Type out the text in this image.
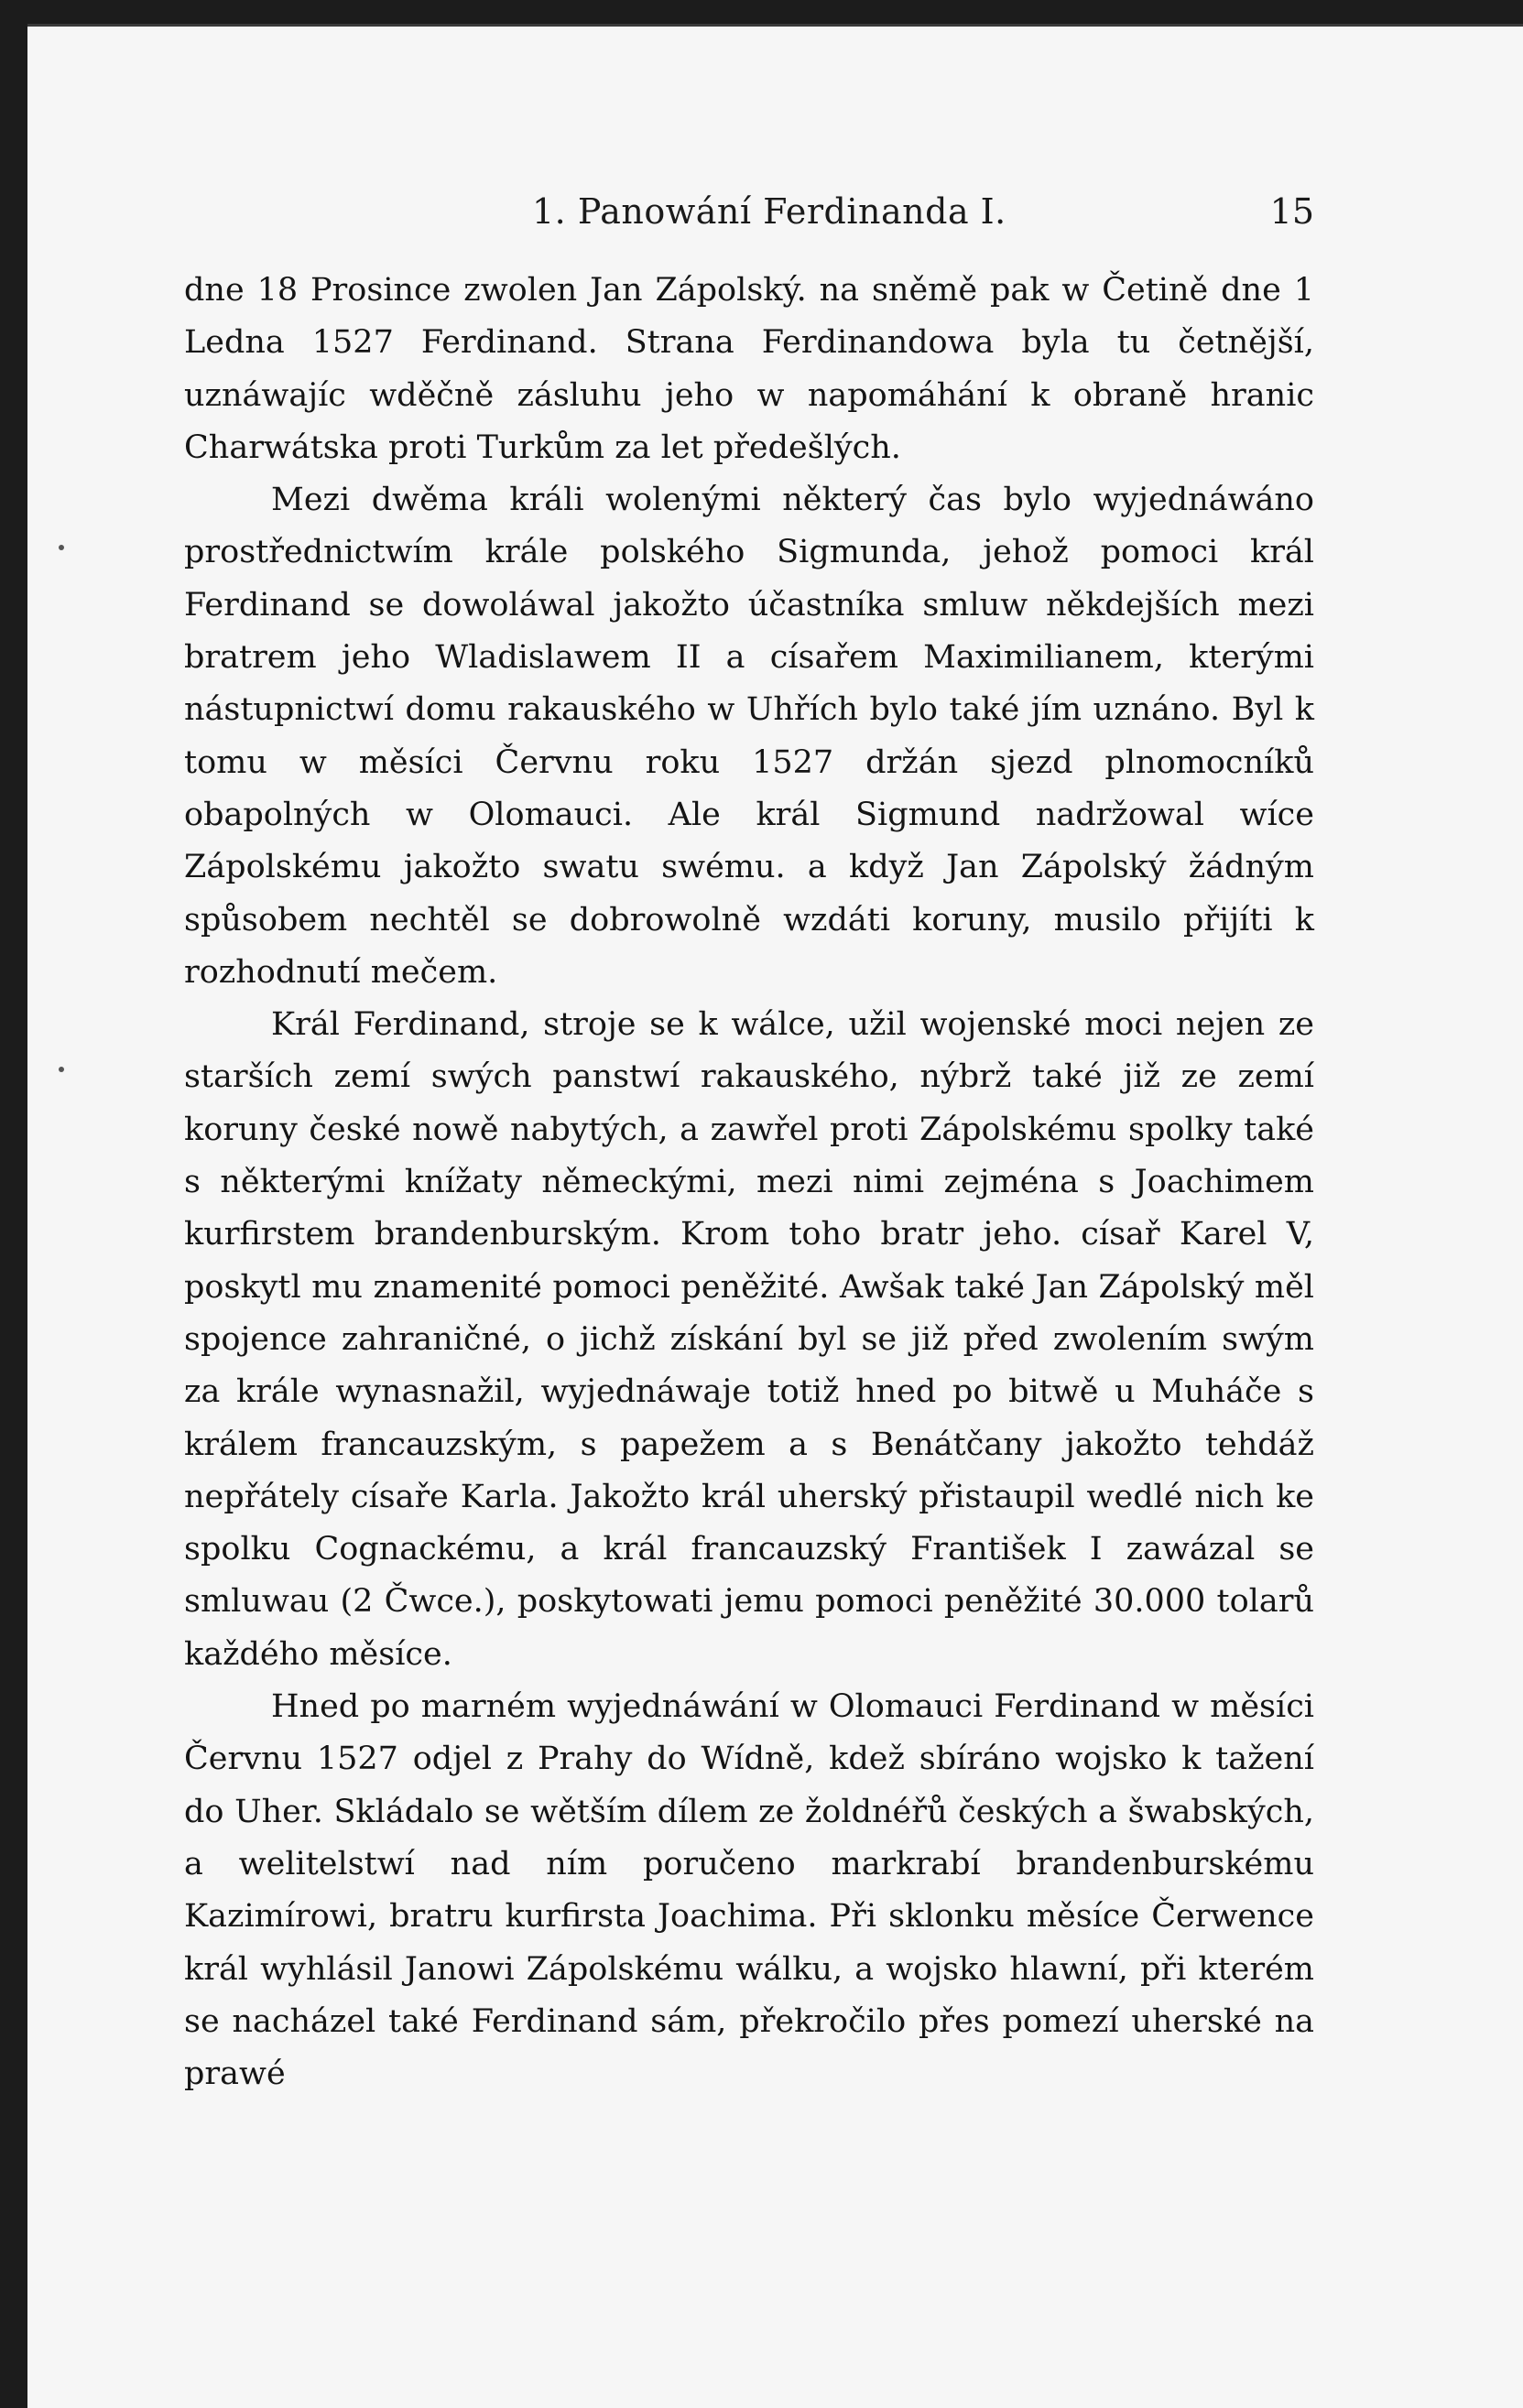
1. Panowání Ferdinanda I.	15

dne 18 Prosince zwolen Jan Zápolský. na sněmě pak w Četině dne 1 Ledna 1527 Ferdinand. Strana Ferdinandowa byla tu četnější, uznáwajíc wděčně zásluhu jeho w napomáhání k obraně hranic Charwátska proti Turkům za let předešlých.

Mezi dwěma králi wolenými některý čas bylo wyjednáwáno prostřednictwím krále polského Sigmunda, jehož pomoci král Ferdinand se dowoláwal jakožto účastníka smluw někdejších mezi bratrem jeho Wladislawem II a císařem Maximilianem, kterými nástupnictwí domu rakauského w Uhřích bylo také jím uznáno. Byl k tomu w měsíci Červnu roku 1527 držán sjezd plnomocníků obapolných w Olomauci. Ale král Sigmund nadržowal wíce Zápolskému jakožto swatu swému. a když Jan Zápolský žádným spůsobem nechtěl se dobrowolně wzdáti koruny, musilo přijíti k rozhodnutí mečem.

Král Ferdinand, stroje se k wálce, užil wojenské moci nejen ze starších zemí swých panstwí rakauského, nýbrž také již ze zemí koruny české nowě nabytých, a zawřel proti Zápolskému spolky také s některými knížaty německými, mezi nimi zejména s Joachimem kurfirstem brandenburským. Krom toho bratr jeho. císař Karel V, poskytl mu znamenité pomoci peněžité. Awšak také Jan Zápolský měl spojence zahraničné, o jichž získání byl se již před zwolením swým za krále wynasnažil, wyjednáwaje totiž hned po bitwě u Muháče s králem francauzským, s papežem a s Benátčany jakožto tehdáž nepřátely císaře Karla. Jakožto král uherský přistaupil wedlé nich ke spolku Cognackému, a král francauzský František I zawázal se smluwau (2 Čwce.), poskytowati jemu pomoci peněžité 30.000 tolarů každého měsíce.

Hned po marném wyjednáwání w Olomauci Ferdinand w měsíci Červnu 1527 odjel z Prahy do Wídně, kdež sbíráno wojsko k tažení do Uher. Skládalo se wětším dílem ze žoldnéřů českých a šwabských, a welitelstwí nad ním poručeno markrabí brandenburskému Kazimírowi, bratru kurfirsta Joachima. Při sklonku měsíce Čerwence král wyhlásil Janowi Zápolskému wálku, a wojsko hlawní, při kterém se nacházel také Ferdinand sám, překročilo přes pomezí uherské na prawé
